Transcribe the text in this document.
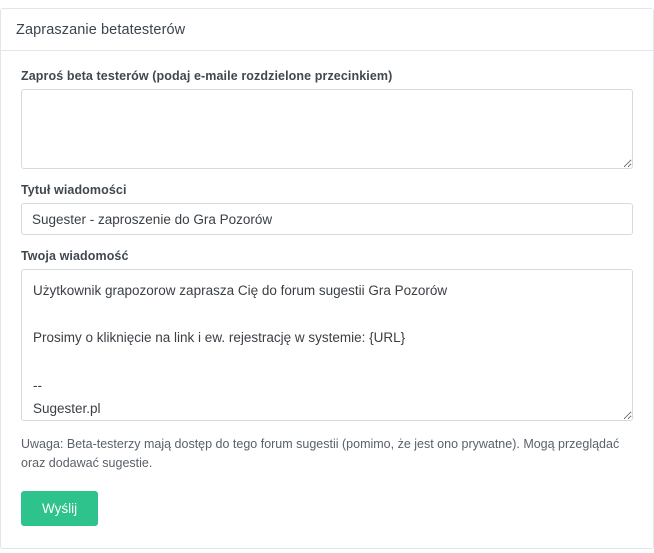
Zapraszanie betatesterów
Zaproś beta testerów (podaj e-maile rozdzielone przecinkiem)
Tytuł wiadomości
Sugester - zaproszenie do Gra Pozorów
Twoja wiadomość
Użytkownik grapozorow zaprasza Cię do forum sugestii Gra Pozorów Prosimy o kliknięcie na link i ew. rejestrację w systemie: {URL} -- Sugester.pl
Uwaga: Beta-testerzy mają dostęp do tego forum sugestii (pomimo, że jest ono prywatne). Mogą przeglądać oraz dodawać sugestie.
Wyślij
